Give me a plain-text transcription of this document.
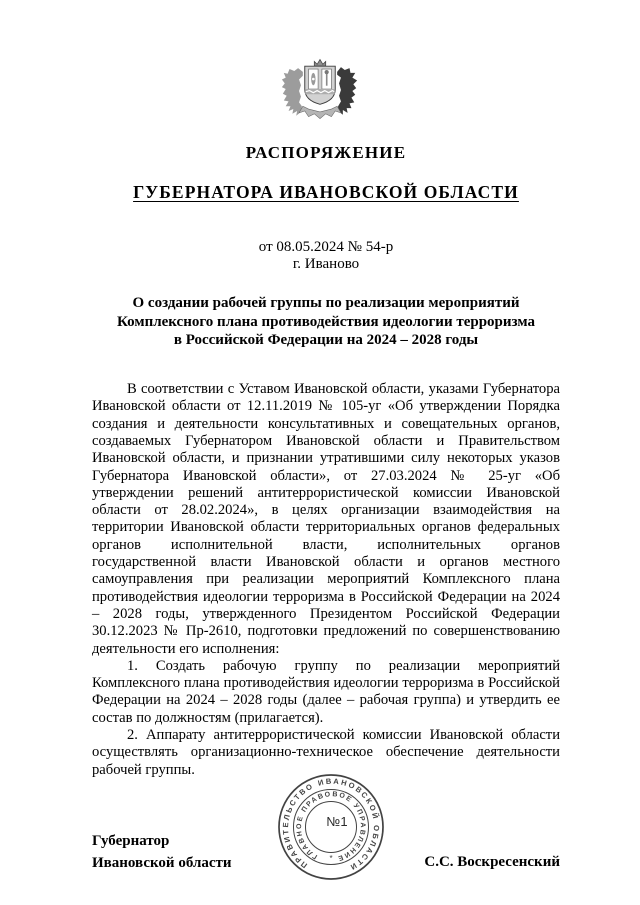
РАСПОРЯЖЕНИЕ
ГУБЕРНАТОРА ИВАНОВСКОЙ ОБЛАСТИ
от 08.05.2024 № 54-р
г. Иваново
О создании рабочей группы по реализации мероприятий
Комплексного плана противодействия идеологии терроризма
в Российской Федерации на 2024 – 2028 годы

В соответствии с Уставом Ивановской области, указами Губернатора Ивановской области от 12.11.2019 № 105-уг «Об утверждении Порядка создания и деятельности консультативных и совещательных органов, создаваемых Губернатором Ивановской области и Правительством Ивановской области, и признании утратившими силу некоторых указов Губернатора Ивановской области», от 27.03.2024 № 25-уг «Об утверждении решений антитеррористической комиссии Ивановской области от 28.02.2024», в целях организации взаимодействия на территории Ивановской области территориальных органов федеральных органов исполнительной власти, исполнительных органов государственной власти Ивановской области и органов местного самоуправления при реализации мероприятий Комплексного плана противодействия идеологии терроризма в Российской Федерации на 2024 – 2028 годы, утвержденного Президентом Российской Федерации 30.12.2023 № Пр-2610, подготовки предложений по совершенствованию деятельности его исполнения:

1. Создать рабочую группу по реализации мероприятий Комплексного плана противодействия идеологии терроризма в Российской Федерации на 2024 – 2028 годы (далее – рабочая группа) и утвердить ее состав по должностям (прилагается).

2. Аппарату антитеррористической комиссии Ивановской области осуществлять организационно-техническое обеспечение деятельности рабочей группы.

Губернатор
Ивановской области	С.С. Воскресенский
ПРАВИТЕЛЬСТВО ИВАНОВСКОЙ ОБЛАСТИ
ГЛАВНОЕ ПРАВОВОЕ УПРАВЛЕНИЕ
*
№1
